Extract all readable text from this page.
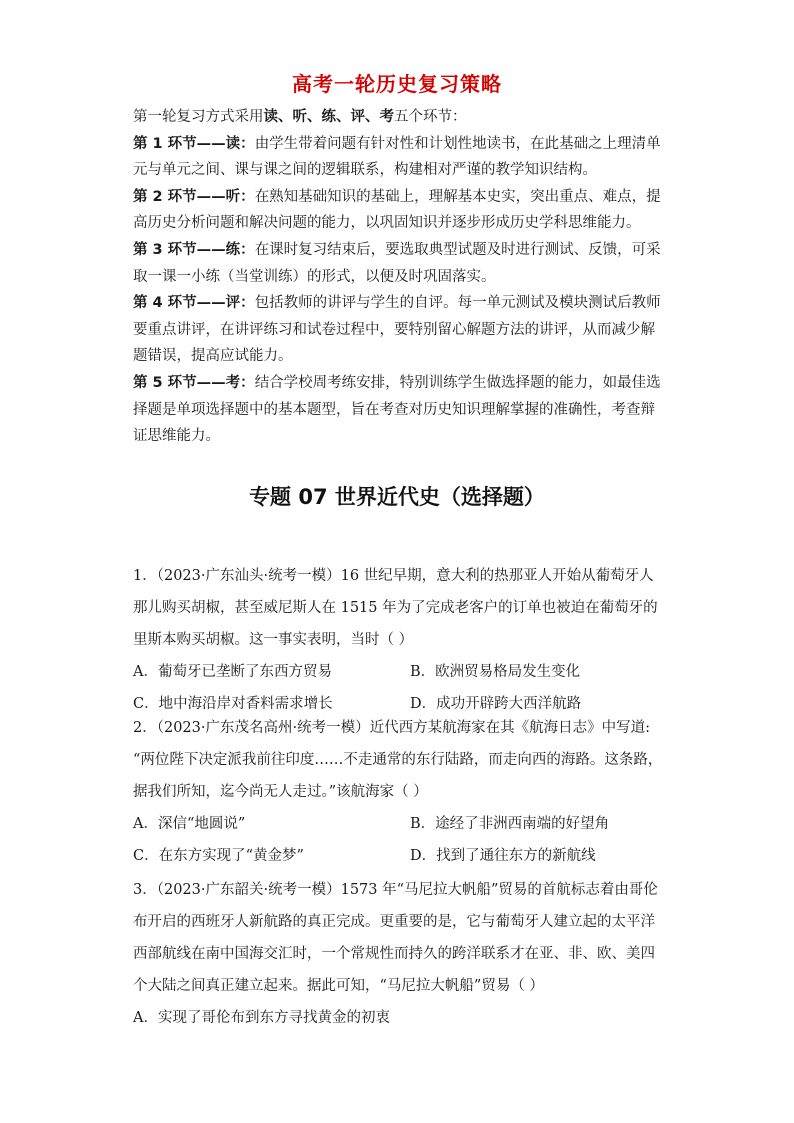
高考一轮历史复习策略

第一轮复习方式采用读、听、练、评、考五个环节：

第 1 环节——读：由学生带着问题有针对性和计划性地读书，在此基础之上理清单元与单元之间、课与课之间的逻辑联系，构建相对严谨的教学知识结构。

第 2 环节——听：在熟知基础知识的基础上，理解基本史实，突出重点、难点，提高历史分析问题和解决问题的能力，以巩固知识并逐步形成历史学科思维能力。

第 3 环节——练：在课时复习结束后，要选取典型试题及时进行测试、反馈，可采取一课一小练（当堂训练）的形式，以便及时巩固落实。

第 4 环节——评：包括教师的讲评与学生的自评。每一单元测试及模块测试后教师要重点讲评，在讲评练习和试卷过程中，要特别留心解题方法的讲评，从而减少解题错误，提高应试能力。

第 5 环节——考：结合学校周考练安排，特别训练学生做选择题的能力，如最佳选择题是单项选择题中的基本题型，旨在考查对历史知识理解掌握的准确性，考查辩证思维能力。

专题 07 世界近代史（选择题）

1．（2023·广东汕头·统考一模）16 世纪早期，意大利的热那亚人开始从葡萄牙人那儿购买胡椒，甚至威尼斯人在 1515 年为了完成老客户的订单也被迫在葡萄牙的里斯本购买胡椒。这一事实表明，当时（ ）

A．葡萄牙已垄断了东西方贸易	B．欧洲贸易格局发生变化
C．地中海沿岸对香料需求增长	D．成功开辟跨大西洋航路

2．（2023·广东茂名高州·统考一模）近代西方某航海家在其《航海日志》中写道: “两位陛下决定派我前往印度……不走通常的东行陆路，而走向西的海路。这条路，据我们所知，迄今尚无人走过。”该航海家（ ）

A．深信“地圆说”	B．途经了非洲西南端的好望角
C．在东方实现了“黄金梦”	D．找到了通往东方的新航线

3．（2023·广东韶关·统考一模）1573 年“马尼拉大帆船”贸易的首航标志着由哥伦布开启的西班牙人新航路的真正完成。更重要的是，它与葡萄牙人建立起的太平洋西部航线在南中国海交汇时，一个常规性而持久的跨洋联系才在亚、非、欧、美四个大陆之间真正建立起来。据此可知，“马尼拉大帆船”贸易（ ）

A．实现了哥伦布到东方寻找黄金的初衷
